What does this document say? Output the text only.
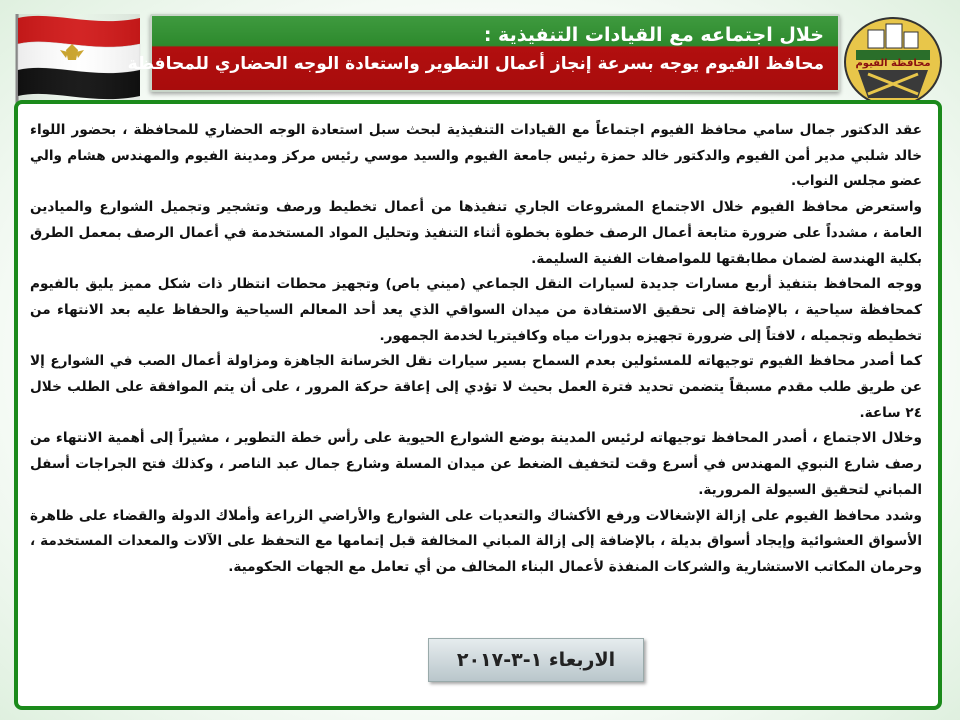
خلال اجتماعه مع القيادات التنفيذية :
محافظ الفيوم يوجه بسرعة إنجاز أعمال التطوير واستعادة الوجه الحضاري للمحافظة	محافظة الفيوم

عقد الدكتور جمال سامي محافظ الفيوم اجتماعاً مع القيادات التنفيذية لبحث سبل استعادة الوجه الحضاري للمحافظة ، بحضور اللواء خالد شلبي مدير أمن الفيوم والدكتور خالد حمزة رئيس جامعة الفيوم والسيد موسي رئيس مركز ومدينة الفيوم والمهندس هشام والي عضو مجلس النواب.

واستعرض محافظ الفيوم خلال الاجتماع المشروعات الجاري تنفيذها من أعمال تخطيط ورصف وتشجير وتجميل الشوارع والميادين العامة ، مشدداً على ضرورة متابعة أعمال الرصف خطوة بخطوة أثناء التنفيذ وتحليل المواد المستخدمة في أعمال الرصف بمعمل الطرق بكلية الهندسة لضمان مطابقتها للمواصفات الفنية السليمة.

ووجه المحافظ بتنفيذ أربع مسارات جديدة لسيارات النقل الجماعي (ميني باص) وتجهيز محطات انتظار ذات شكل مميز يليق بالفيوم كمحافظة سياحية ، بالإضافة إلى تحقيق الاستفادة من ميدان السواقي الذي يعد أحد المعالم السياحية والحفاظ عليه بعد الانتهاء من تخطيطه وتجميله ، لافتاً إلى ضرورة تجهيزه بدورات مياه وكافيتريا لخدمة الجمهور.

كما أصدر محافظ الفيوم توجيهاته للمسئولين بعدم السماح بسير سيارات نقل الخرسانة الجاهزة ومزاولة أعمال الصب في الشوارع إلا عن طريق طلب مقدم مسبقاً يتضمن تحديد فترة العمل بحيث لا تؤدي إلى إعاقة حركة المرور ، على أن يتم الموافقة على الطلب خلال ٢٤ ساعة.

وخلال الاجتماع ، أصدر المحافظ توجيهاته لرئيس المدينة بوضع الشوارع الحيوية على رأس خطة التطوير ، مشيراً إلى أهمية الانتهاء من رصف شارع النبوي المهندس في أسرع وقت لتخفيف الضغط عن ميدان المسلة وشارع جمال عبد الناصر ، وكذلك فتح الجراجات أسفل المباني لتحقيق السيولة المرورية.

وشدد محافظ الفيوم على إزالة الإشغالات ورفع الأكشاك والتعديات على الشوارع والأراضي الزراعة وأملاك الدولة والقضاء على ظاهرة الأسواق العشوائية وإيجاد أسواق بديلة ، بالإضافة إلى إزالة المباني المخالفة قبل إتمامها مع التحفظ على الآلات والمعدات المستخدمة ، وحرمان المكاتب الاستشارية والشركات المنفذة لأعمال البناء المخالف من أي تعامل مع الجهات الحكومية.

الاربعاء ١-٣-٢٠١٧
